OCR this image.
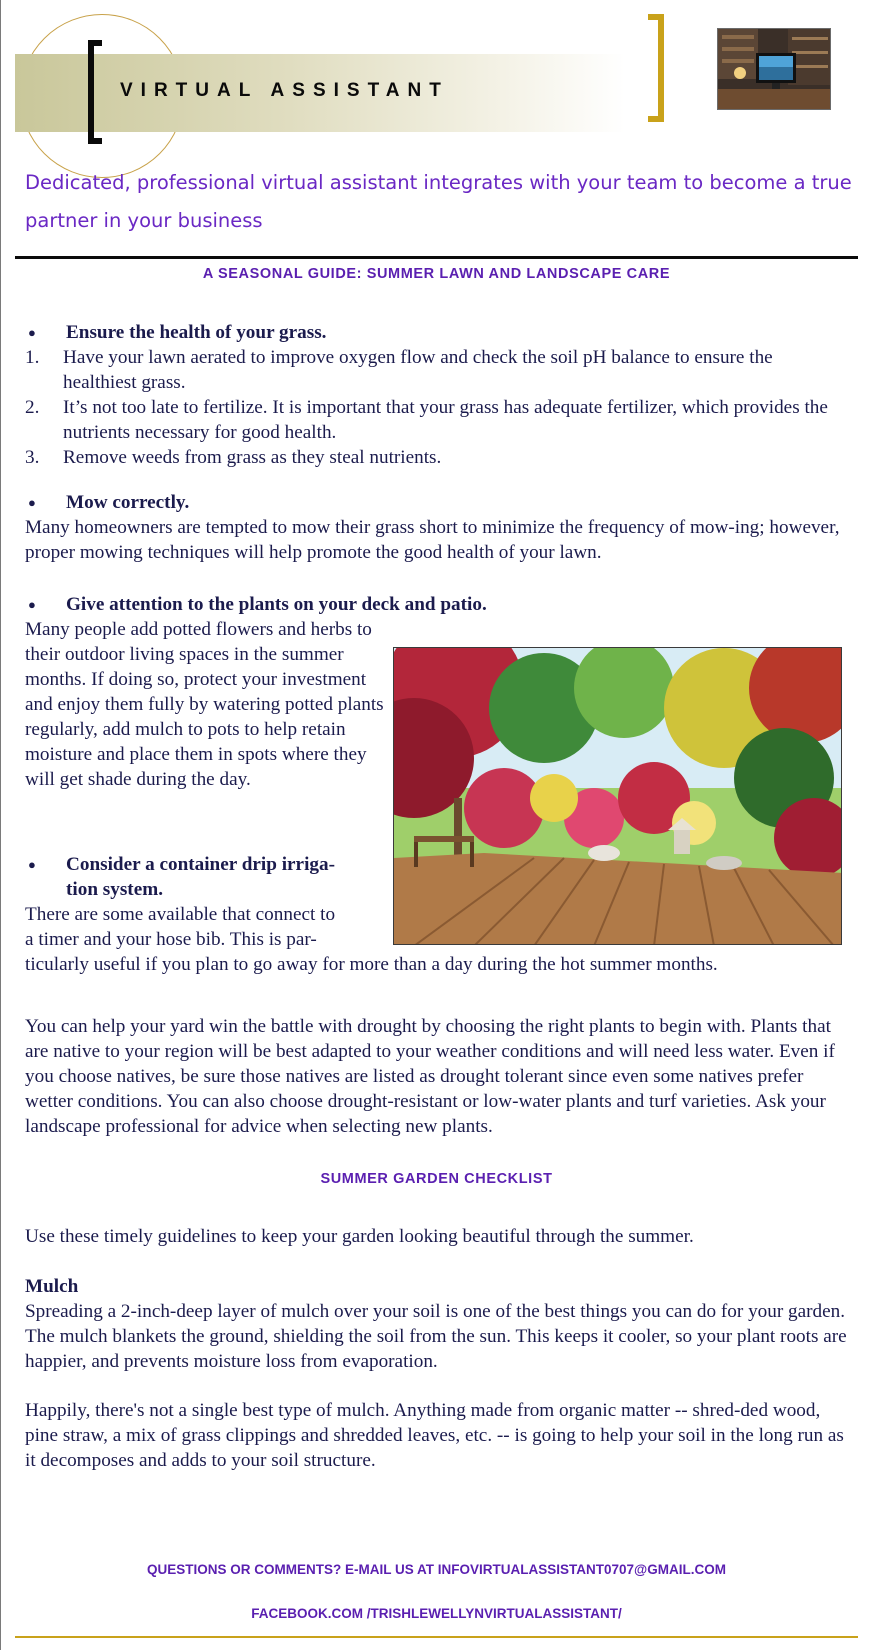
VIRTUAL ASSISTANT
Dedicated, professional virtual assistant integrates with your team to become a true partner in your business
A SEASONAL GUIDE: SUMMER LAWN AND LANDSCAPE CARE
●	Ensure the health of your grass.
1.	Have your lawn aerated to improve oxygen flow and check the soil pH balance to ensure the healthiest grass.
2.	It’s not too late to fertilize. It is important that your grass has adequate fertilizer, which provides the nutrients necessary for good health.
3.	Remove weeds from grass as they steal nutrients.
●	Mow correctly.
Many homeowners are tempted to mow their grass short to minimize the frequency of mow-ing; however, proper mowing techniques will help promote the good health of your lawn.
●	Give attention to the plants on your deck and patio.
Many people add potted flowers and herbs to their outdoor living spaces in the summer months. If doing so, protect your investment and enjoy them fully by watering potted plants regularly, add mulch to pots to help retain moisture and place them in spots where they will get shade during the day.
●	Consider a container drip irriga-
tion system.
There are some available that connect to
a timer and your hose bib. This is par-
ticularly useful if you plan to go away for more than a day during the hot summer months.
You can help your yard win the battle with drought by choosing the right plants to begin with. Plants that are native to your region will be best adapted to your weather conditions and will need less water. Even if you choose natives, be sure those natives are listed as drought tolerant since even some natives prefer wetter conditions. You can also choose drought-resistant or low-water plants and turf varieties. Ask your landscape professional for advice when selecting new plants.
SUMMER GARDEN CHECKLIST
Use these timely guidelines to keep your garden looking beautiful through the summer.
Mulch
Spreading a 2-inch-deep layer of mulch over your soil is one of the best things you can do for your garden. The mulch blankets the ground, shielding the soil from the sun. This keeps it cooler, so your plant roots are happier, and prevents moisture loss from evaporation.
Happily, there's not a single best type of mulch. Anything made from organic matter -- shred-ded wood, pine straw, a mix of grass clippings and shredded leaves, etc. -- is going to help your soil in the long run as it decomposes and adds to your soil structure.
QUESTIONS OR COMMENTS? E-MAIL US AT INFOVIRTUALASSISTANT0707@GMAIL.COM
FACEBOOK.COM /TRISHLEWELLYNVIRTUALASSISTANT/
